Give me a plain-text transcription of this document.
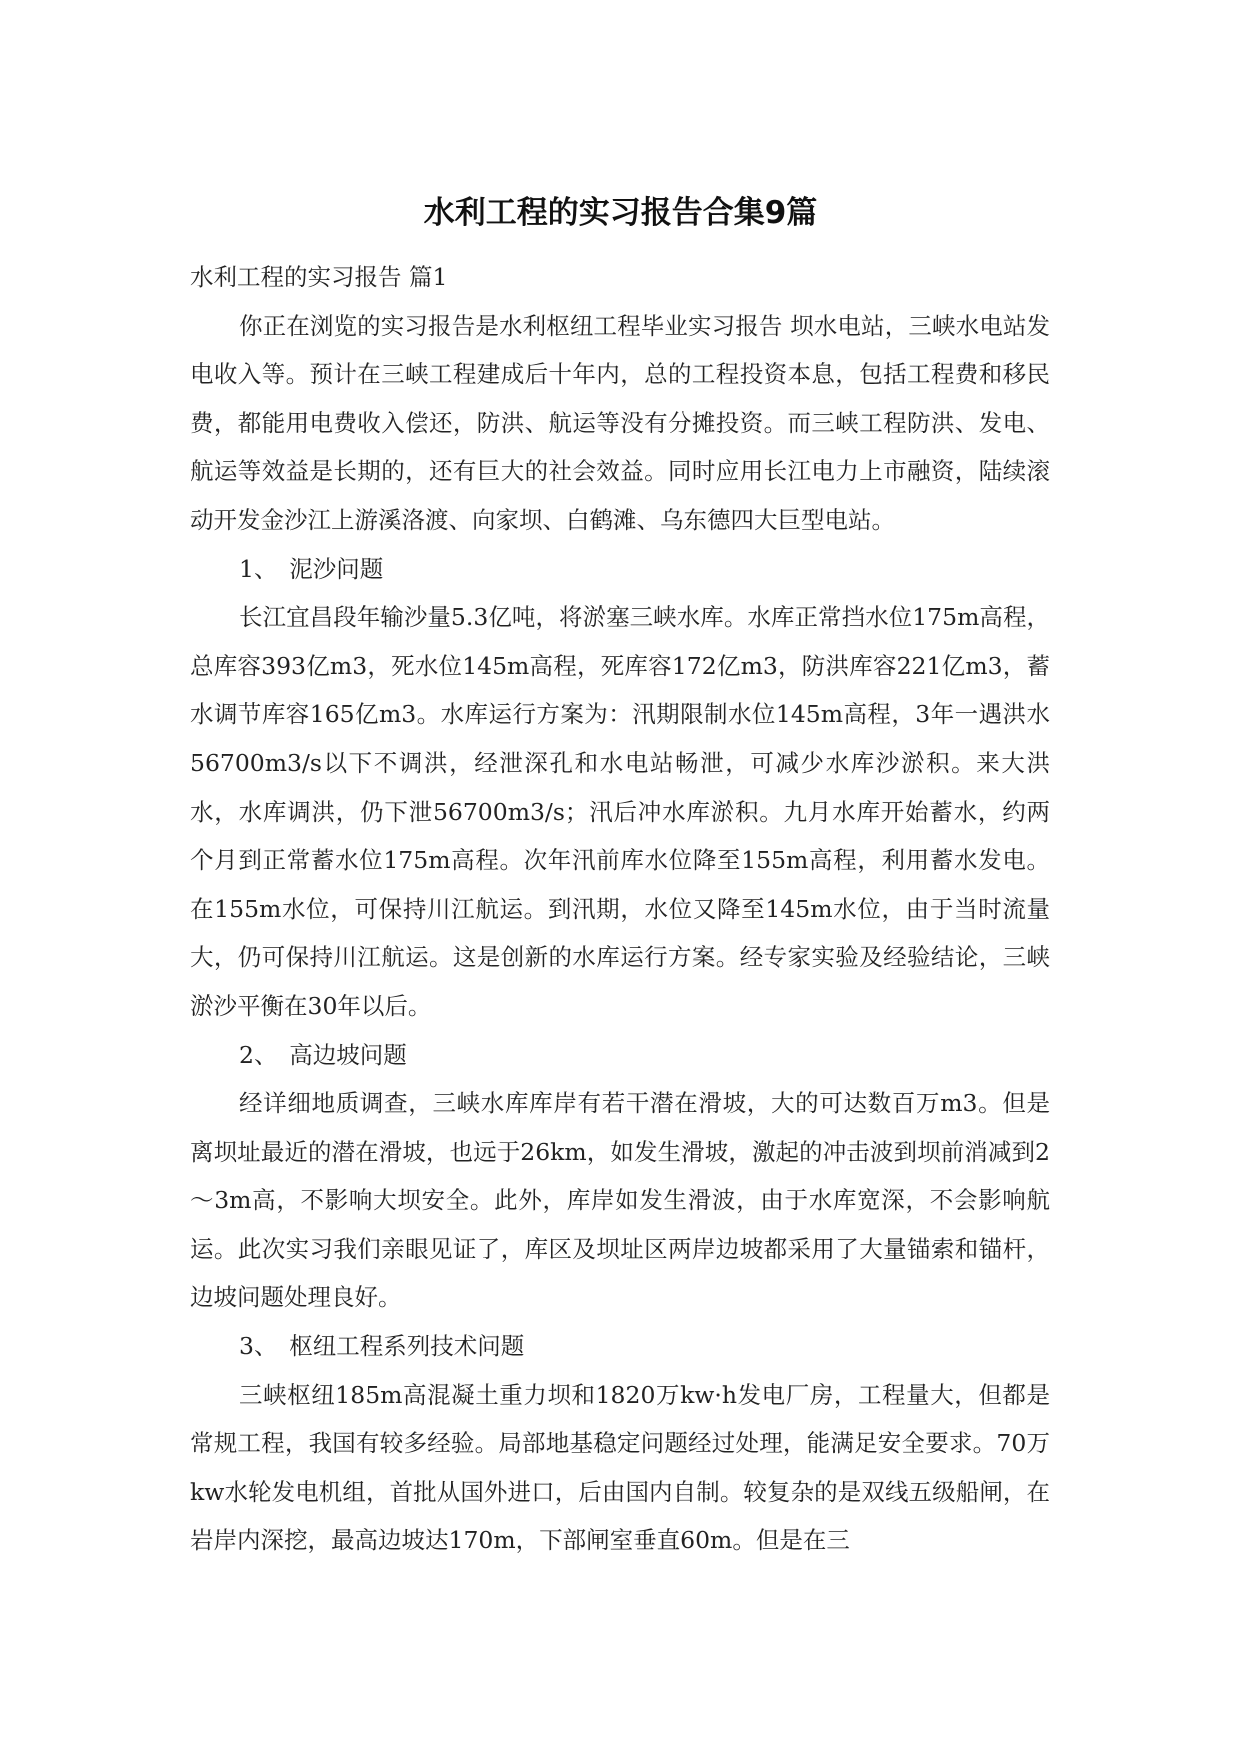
水利工程的实习报告合集9篇

水利工程的实习报告 篇1

你正在浏览的实习报告是水利枢纽工程毕业实习报告 坝水电站，三峡水电站发电收入等。预计在三峡工程建成后十年内，总的工程投资本息，包括工程费和移民费，都能用电费收入偿还，防洪、航运等没有分摊投资。而三峡工程防洪、发电、航运等效益是长期的，还有巨大的社会效益。同时应用长江电力上市融资，陆续滚动开发金沙江上游溪洛渡、向家坝、白鹤滩、乌东德四大巨型电站。

1、　泥沙问题

长江宜昌段年输沙量5.3亿吨，将淤塞三峡水库。水库正常挡水位175m高程，总库容393亿m3，死水位145m高程，死库容172亿m3，防洪库容221亿m3，蓄水调节库容165亿m3。水库运行方案为：汛期限制水位145m高程，3年一遇洪水56700m3/s以下不调洪，经泄深孔和水电站畅泄，可减少水库沙淤积。来大洪水，水库调洪，仍下泄56700m3/s；汛后冲水库淤积。九月水库开始蓄水，约两个月到正常蓄水位175m高程。次年汛前库水位降至155m高程，利用蓄水发电。在155m水位，可保持川江航运。到汛期，水位又降至145m水位，由于当时流量大，仍可保持川江航运。这是创新的水库运行方案。经专家实验及经验结论，三峡淤沙平衡在30年以后。

2、　高边坡问题

经详细地质调查，三峡水库库岸有若干潜在滑坡，大的可达数百万m3。但是离坝址最近的潜在滑坡，也远于26km，如发生滑坡，激起的冲击波到坝前消减到2～3m高，不影响大坝安全。此外，库岸如发生滑波，由于水库宽深，不会影响航运。此次实习我们亲眼见证了，库区及坝址区两岸边坡都采用了大量锚索和锚杆，边坡问题处理良好。

3、　枢纽工程系列技术问题

三峡枢纽185m高混凝土重力坝和1820万kw·h发电厂房，工程量大，但都是常规工程，我国有较多经验。局部地基稳定问题经过处理，能满足安全要求。70万kw水轮发电机组，首批从国外进口，后由国内自制。较复杂的是双线五级船闸，在岩岸内深挖，最高边坡达170m，下部闸室垂直60m。但是在三
